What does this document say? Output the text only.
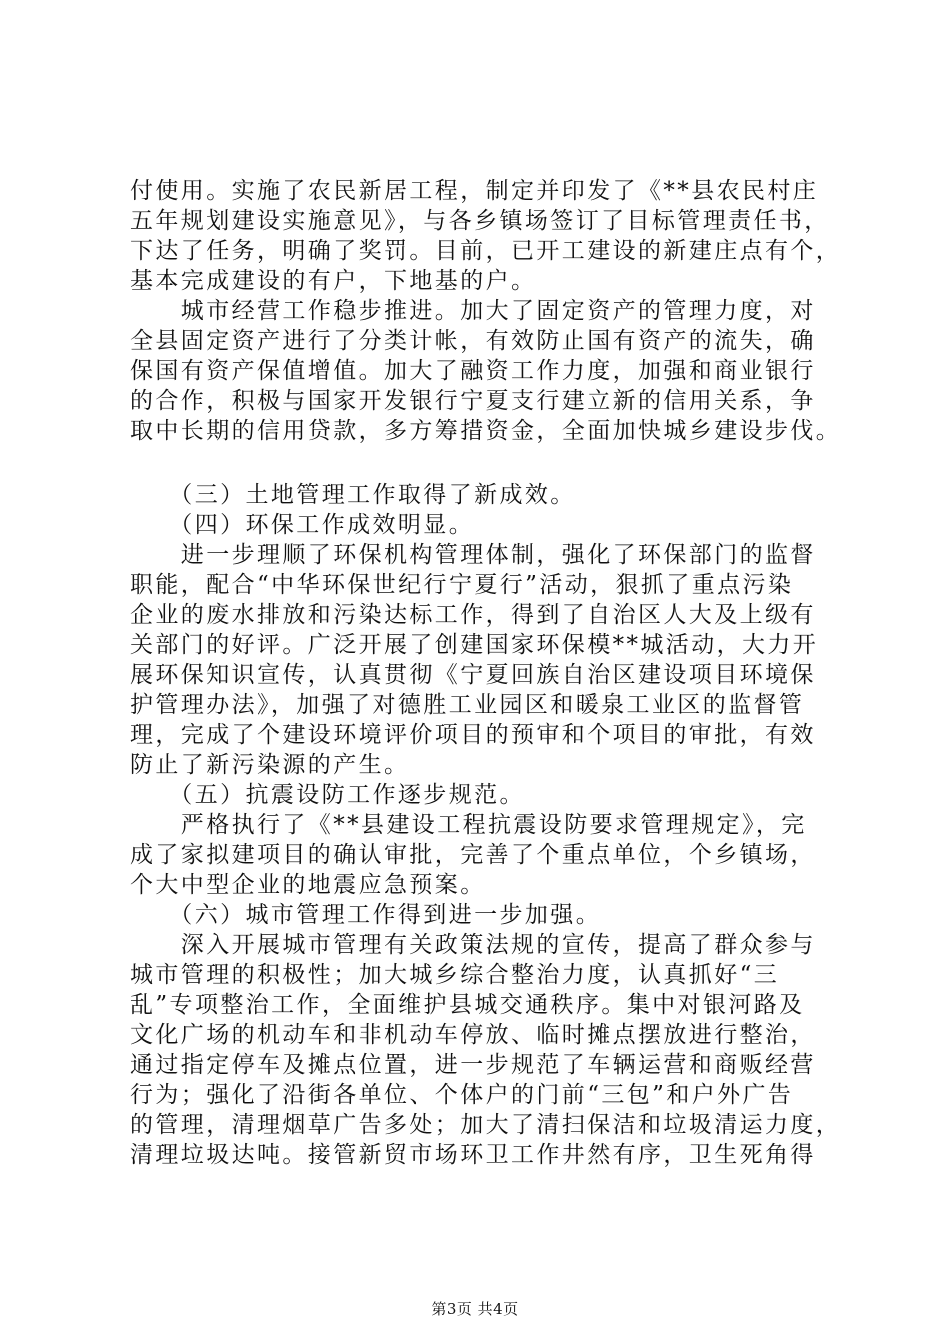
付使用。实施了农民新居工程，制定并印发了《**县农民村庄
五年规划建设实施意见》，与各乡镇场签订了目标管理责任书，
下达了任务，明确了奖罚。目前，已开工建设的新建庄点有个，
基本完成建设的有户，下地基的户。
　　城市经营工作稳步推进。加大了固定资产的管理力度，对
全县固定资产进行了分类计帐，有效防止国有资产的流失，确
保国有资产保值增值。加大了融资工作力度，加强和商业银行
的合作，积极与国家开发银行宁夏支行建立新的信用关系，争
取中长期的信用贷款，多方筹措资金，全面加快城乡建设步伐。
　　（三）土地管理工作取得了新成效。
　　（四）环保工作成效明显。
　　进一步理顺了环保机构管理体制，强化了环保部门的监督
职能，配合“中华环保世纪行宁夏行”活动，狠抓了重点污染
企业的废水排放和污染达标工作，得到了自治区人大及上级有
关部门的好评。广泛开展了创建国家环保模**城活动，大力开
展环保知识宣传，认真贯彻《宁夏回族自治区建设项目环境保
护管理办法》，加强了对德胜工业园区和暖泉工业区的监督管
理，完成了个建设环境评价项目的预审和个项目的审批，有效
防止了新污染源的产生。
　　（五）抗震设防工作逐步规范。
　　严格执行了《**县建设工程抗震设防要求管理规定》，完
成了家拟建项目的确认审批，完善了个重点单位，个乡镇场，
个大中型企业的地震应急预案。
　　（六）城市管理工作得到进一步加强。
　　深入开展城市管理有关政策法规的宣传，提高了群众参与
城市管理的积极性；加大城乡综合整治力度，认真抓好“三
乱”专项整治工作，全面维护县城交通秩序。集中对银河路及
文化广场的机动车和非机动车停放、临时摊点摆放进行整治，
通过指定停车及摊点位置，进一步规范了车辆运营和商贩经营
行为；强化了沿街各单位、个体户的门前“三包”和户外广告
的管理，清理烟草广告多处；加大了清扫保洁和垃圾清运力度，
清理垃圾达吨。接管新贸市场环卫工作井然有序，卫生死角得
第3页 共4页
